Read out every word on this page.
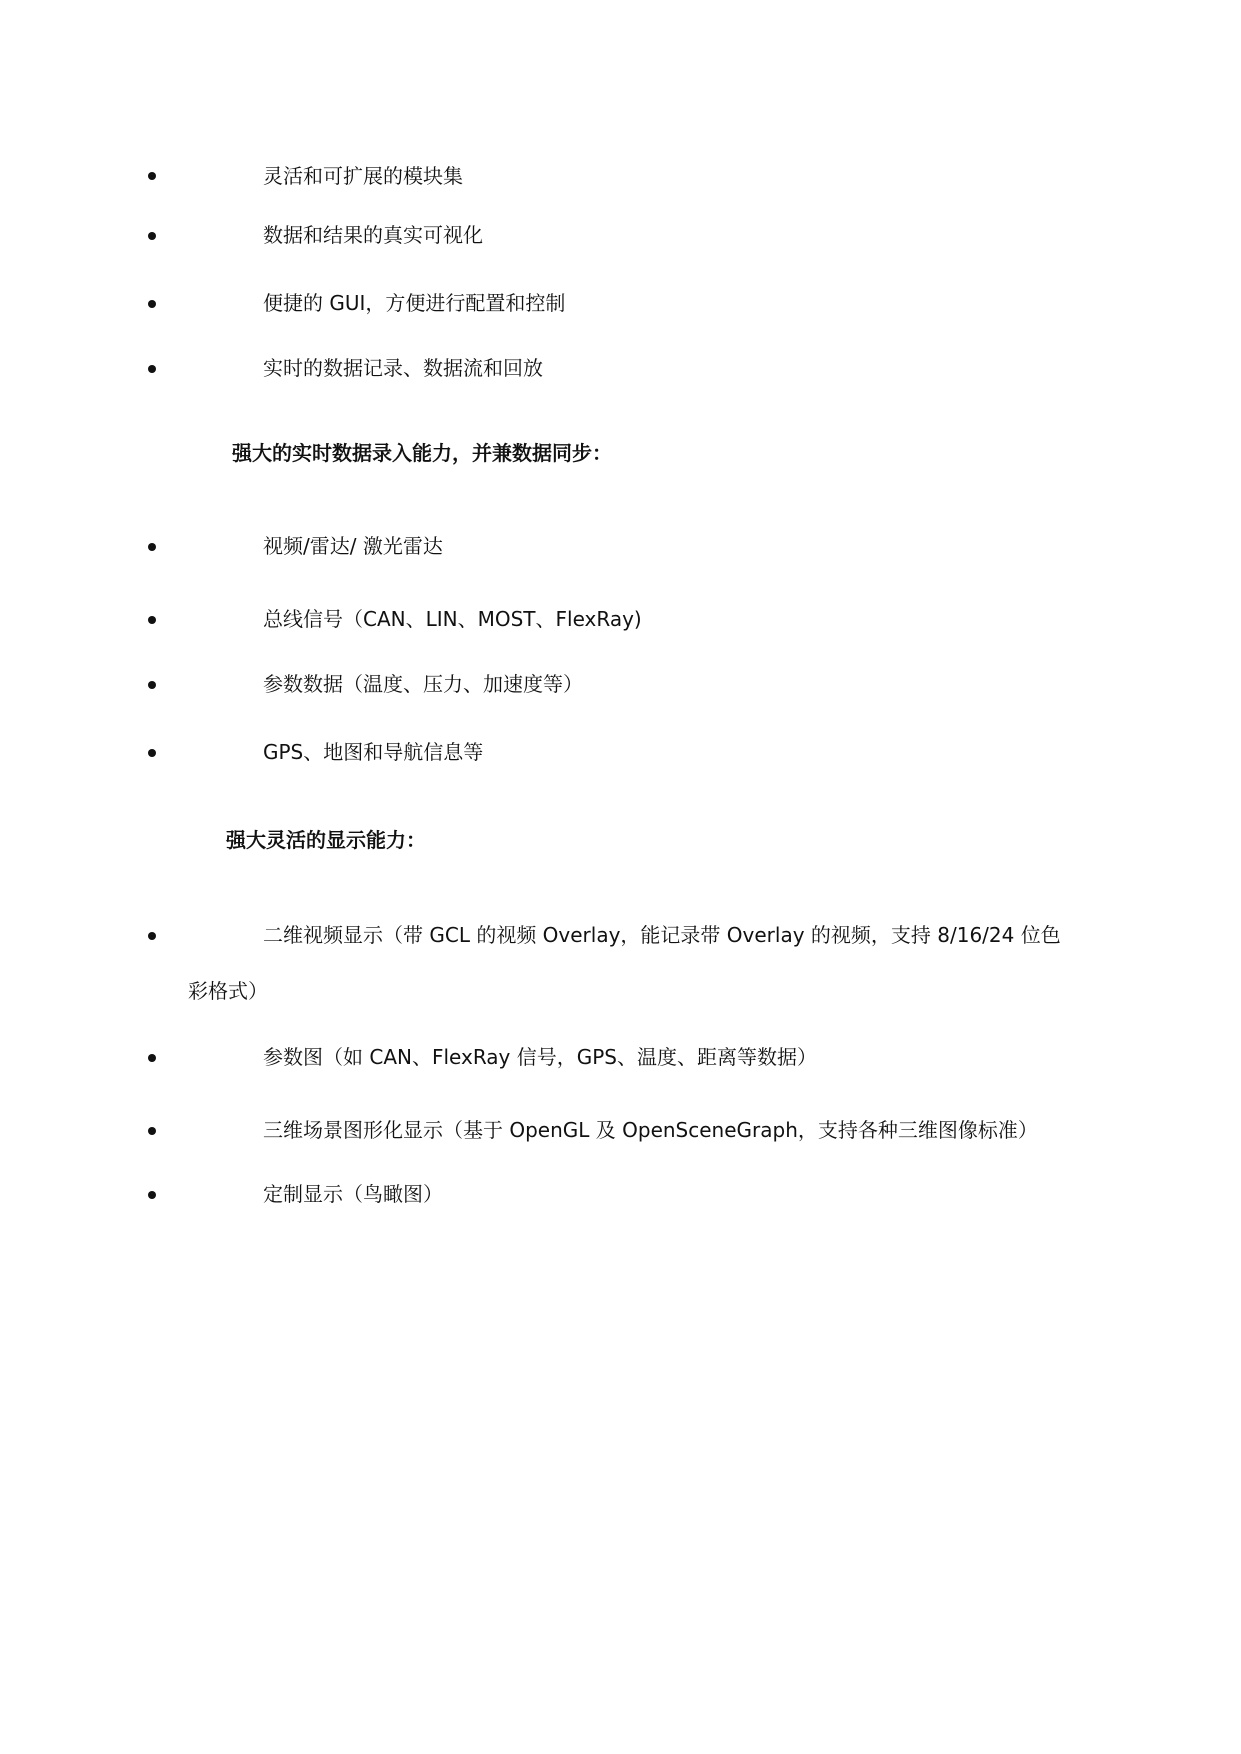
灵活和可扩展的模块集
数据和结果的真实可视化
便捷的 GUI，方便进行配置和控制
实时的数据记录、数据流和回放
强大的实时数据录入能力，并兼数据同步：
视频/雷达/ 激光雷达
总线信号（CAN、LIN、MOST、FlexRay)
参数数据（温度、压力、加速度等）
GPS、地图和导航信息等
强大灵活的显示能力：
二维视频显示（带 GCL 的视频 Overlay，能记录带 Overlay 的视频，支持 8/16/24 位色
彩格式）
参数图（如 CAN、FlexRay 信号，GPS、温度、距离等数据）
三维场景图形化显示（基于 OpenGL 及 OpenSceneGraph，支持各种三维图像标准）
定制显示（鸟瞰图）
